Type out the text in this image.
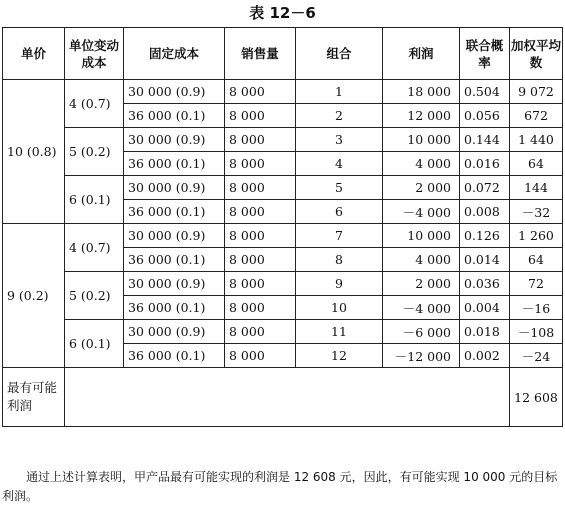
表 12－6
单价	单位变动成本	固定成本	销售量	组合	利润	联合概率	加权平均数
10 (0.8)	4 (0.7)	30 000 (0.9)	8 000	1	18 000	0.504	9 072
		36 000 (0.1)	8 000	2	12 000	0.056	672
	5 (0.2)	30 000 (0.9)	8 000	3	10 000	0.144	1 440
		36 000 (0.1)	8 000	4	4 000	0.016	64
	6 (0.1)	30 000 (0.9)	8 000	5	2 000	0.072	144
		36 000 (0.1)	8 000	6	－4 000	0.008	－32
9 (0.2)	4 (0.7)	30 000 (0.9)	8 000	7	10 000	0.126	1 260
		36 000 (0.1)	8 000	8	4 000	0.014	64
	5 (0.2)	30 000 (0.9)	8 000	9	2 000	0.036	72
		36 000 (0.1)	8 000	10	－4 000	0.004	－16
	6 (0.1)	30 000 (0.9)	8 000	11	－6 000	0.018	－108
		36 000 (0.1)	8 000	12	－12 000	0.002	－24
最有可能利润							12 608
通过上述计算表明，甲产品最有可能实现的利润是 12 608 元，因此，有可能实现 10 000 元的目标利润。
